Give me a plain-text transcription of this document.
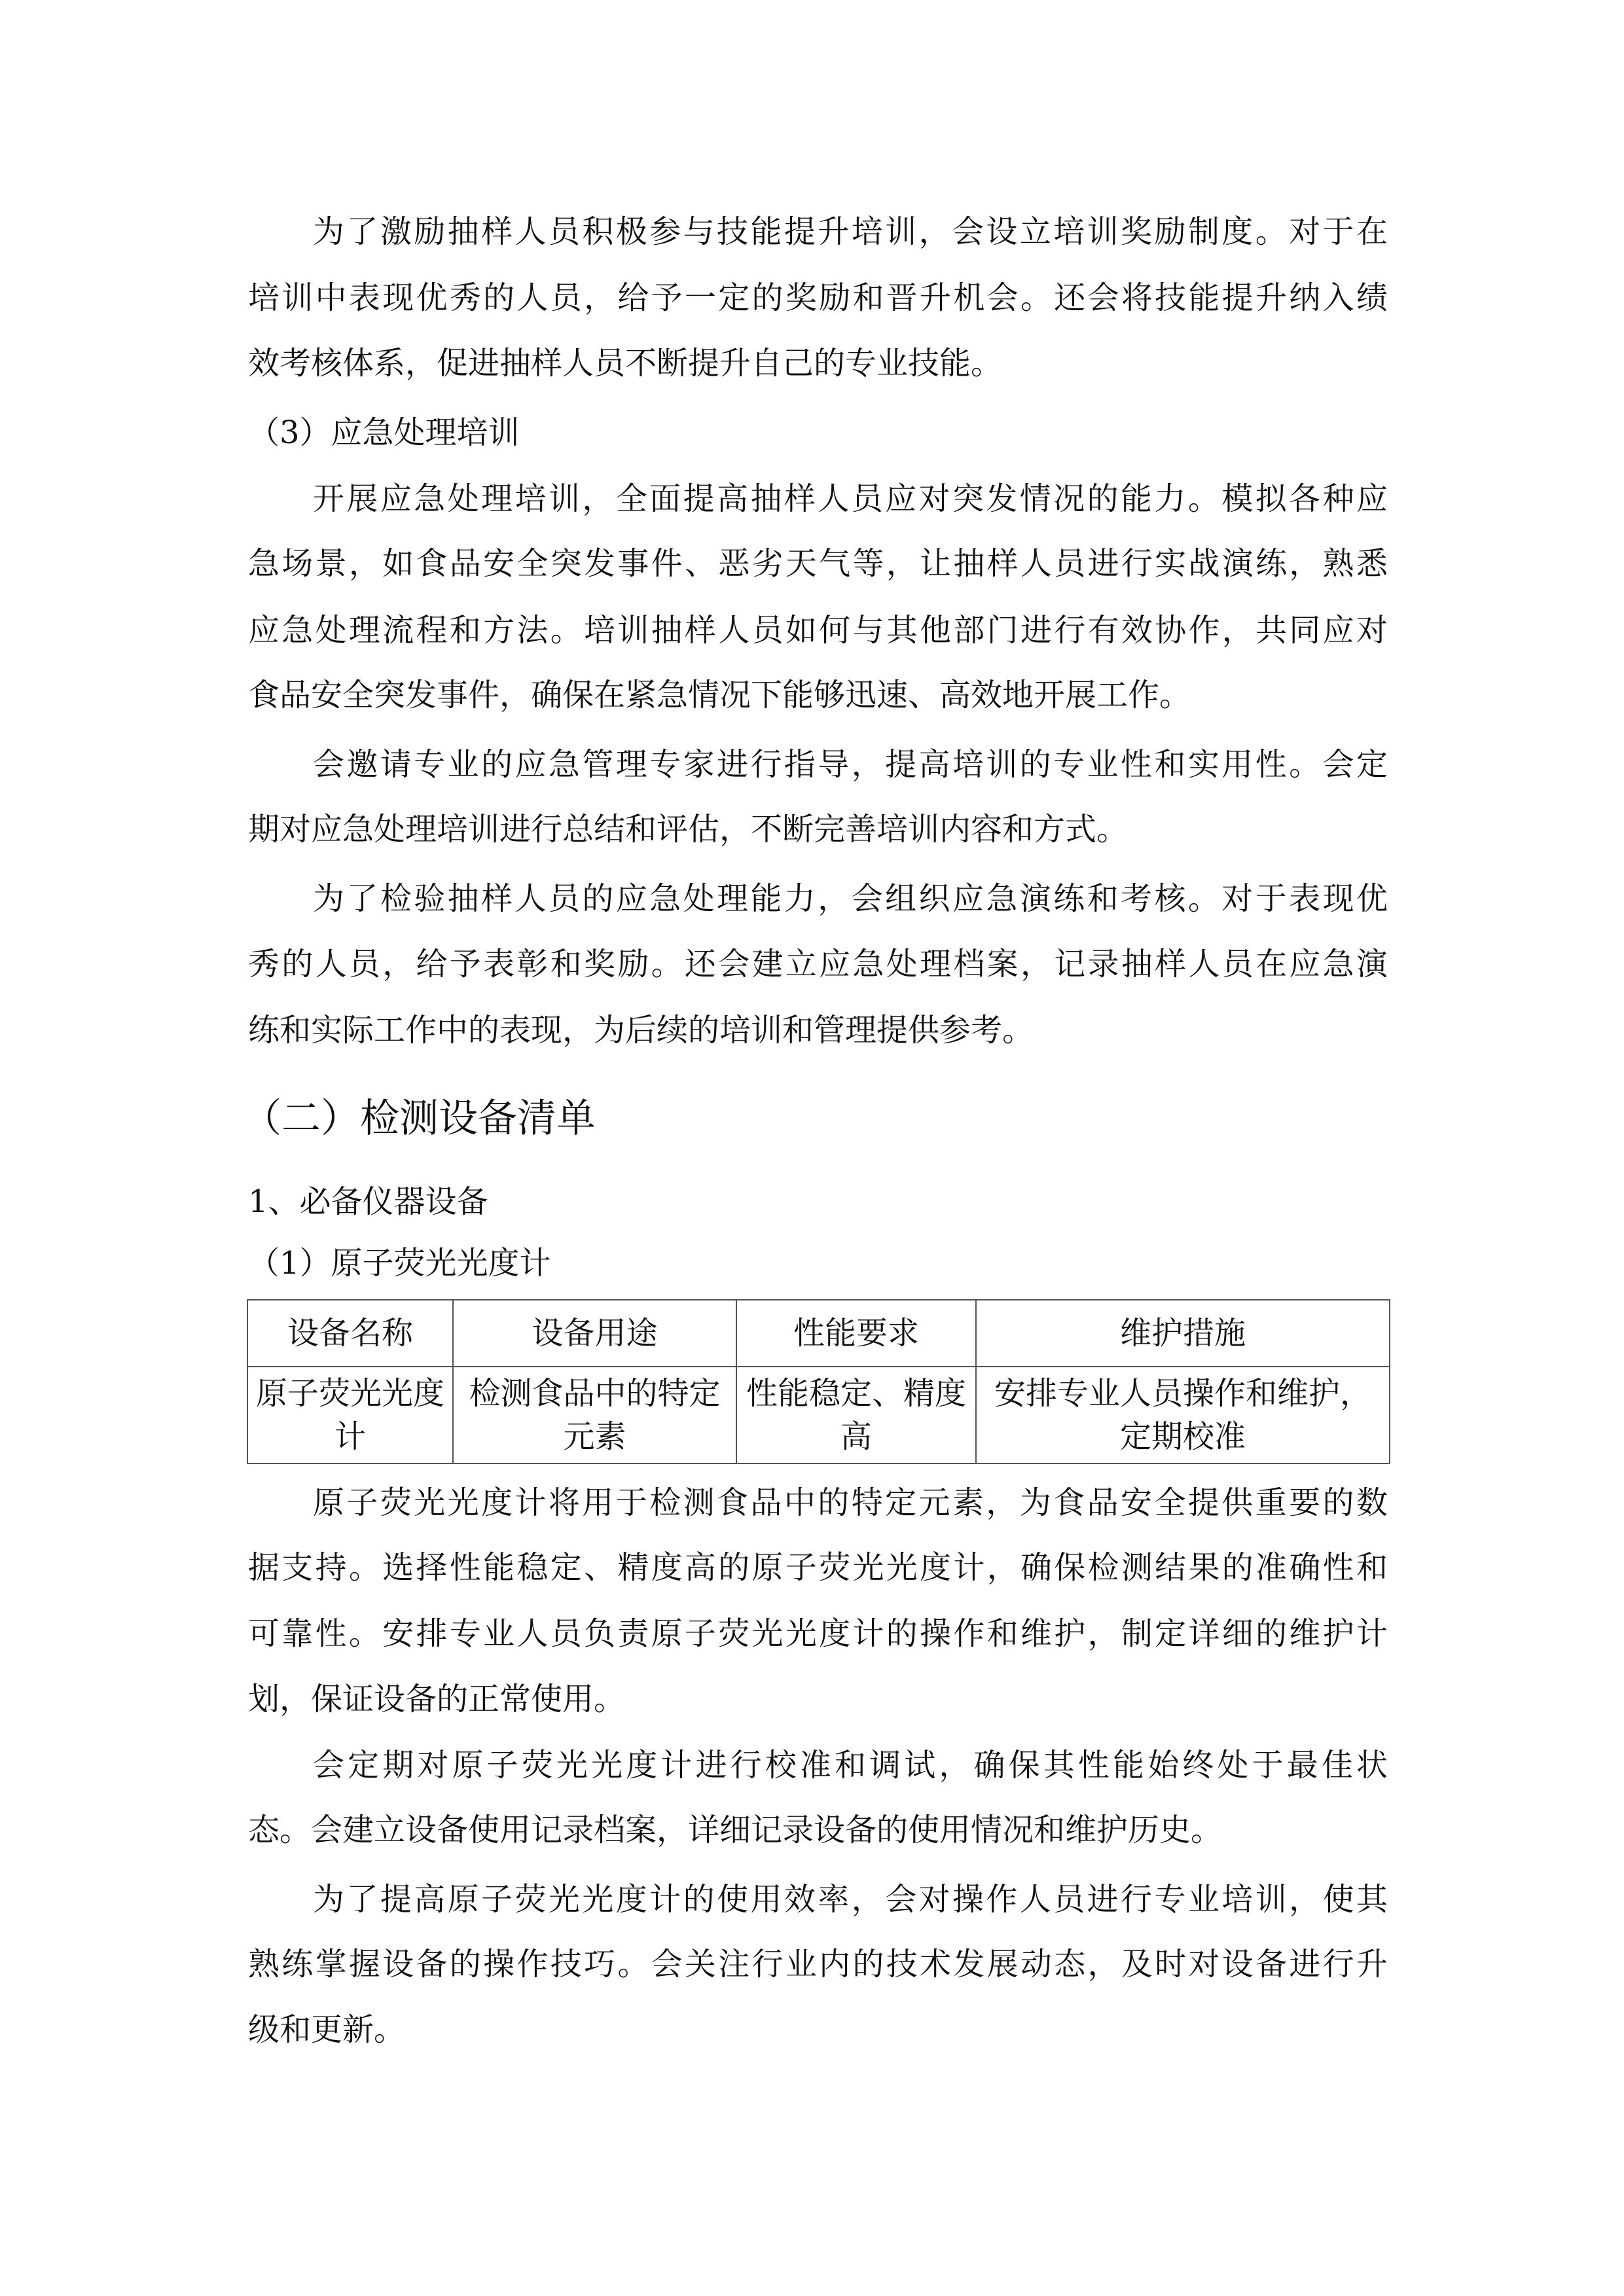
为了激励抽样人员积极参与技能提升培训，会设立培训奖励制度。对于在
培训中表现优秀的人员，给予一定的奖励和晋升机会。还会将技能提升纳入绩
效考核体系，促进抽样人员不断提升自己的专业技能。
（3）应急处理培训
开展应急处理培训，全面提高抽样人员应对突发情况的能力。模拟各种应
急场景，如食品安全突发事件、恶劣天气等，让抽样人员进行实战演练，熟悉
应急处理流程和方法。培训抽样人员如何与其他部门进行有效协作，共同应对
食品安全突发事件，确保在紧急情况下能够迅速、高效地开展工作。
会邀请专业的应急管理专家进行指导，提高培训的专业性和实用性。会定
期对应急处理培训进行总结和评估，不断完善培训内容和方式。
为了检验抽样人员的应急处理能力，会组织应急演练和考核。对于表现优
秀的人员，给予表彰和奖励。还会建立应急处理档案，记录抽样人员在应急演
练和实际工作中的表现，为后续的培训和管理提供参考。
（二）检测设备清单
1、必备仪器设备
（1）原子荧光光度计
原子荧光光度计将用于检测食品中的特定元素，为食品安全提供重要的数
据支持。选择性能稳定、精度高的原子荧光光度计，确保检测结果的准确性和
可靠性。安排专业人员负责原子荧光光度计的操作和维护，制定详细的维护计
划，保证设备的正常使用。
会定期对原子荧光光度计进行校准和调试，确保其性能始终处于最佳状
态。会建立设备使用记录档案，详细记录设备的使用情况和维护历史。
为了提高原子荧光光度计的使用效率，会对操作人员进行专业培训，使其
熟练掌握设备的操作技巧。会关注行业内的技术发展动态，及时对设备进行升
级和更新。
设备名称	设备用途	性能要求	维护措施
原子荧光光度计	检测食品中的特定元素	性能稳定、精度高	安排专业人员操作和维护，定期校准
